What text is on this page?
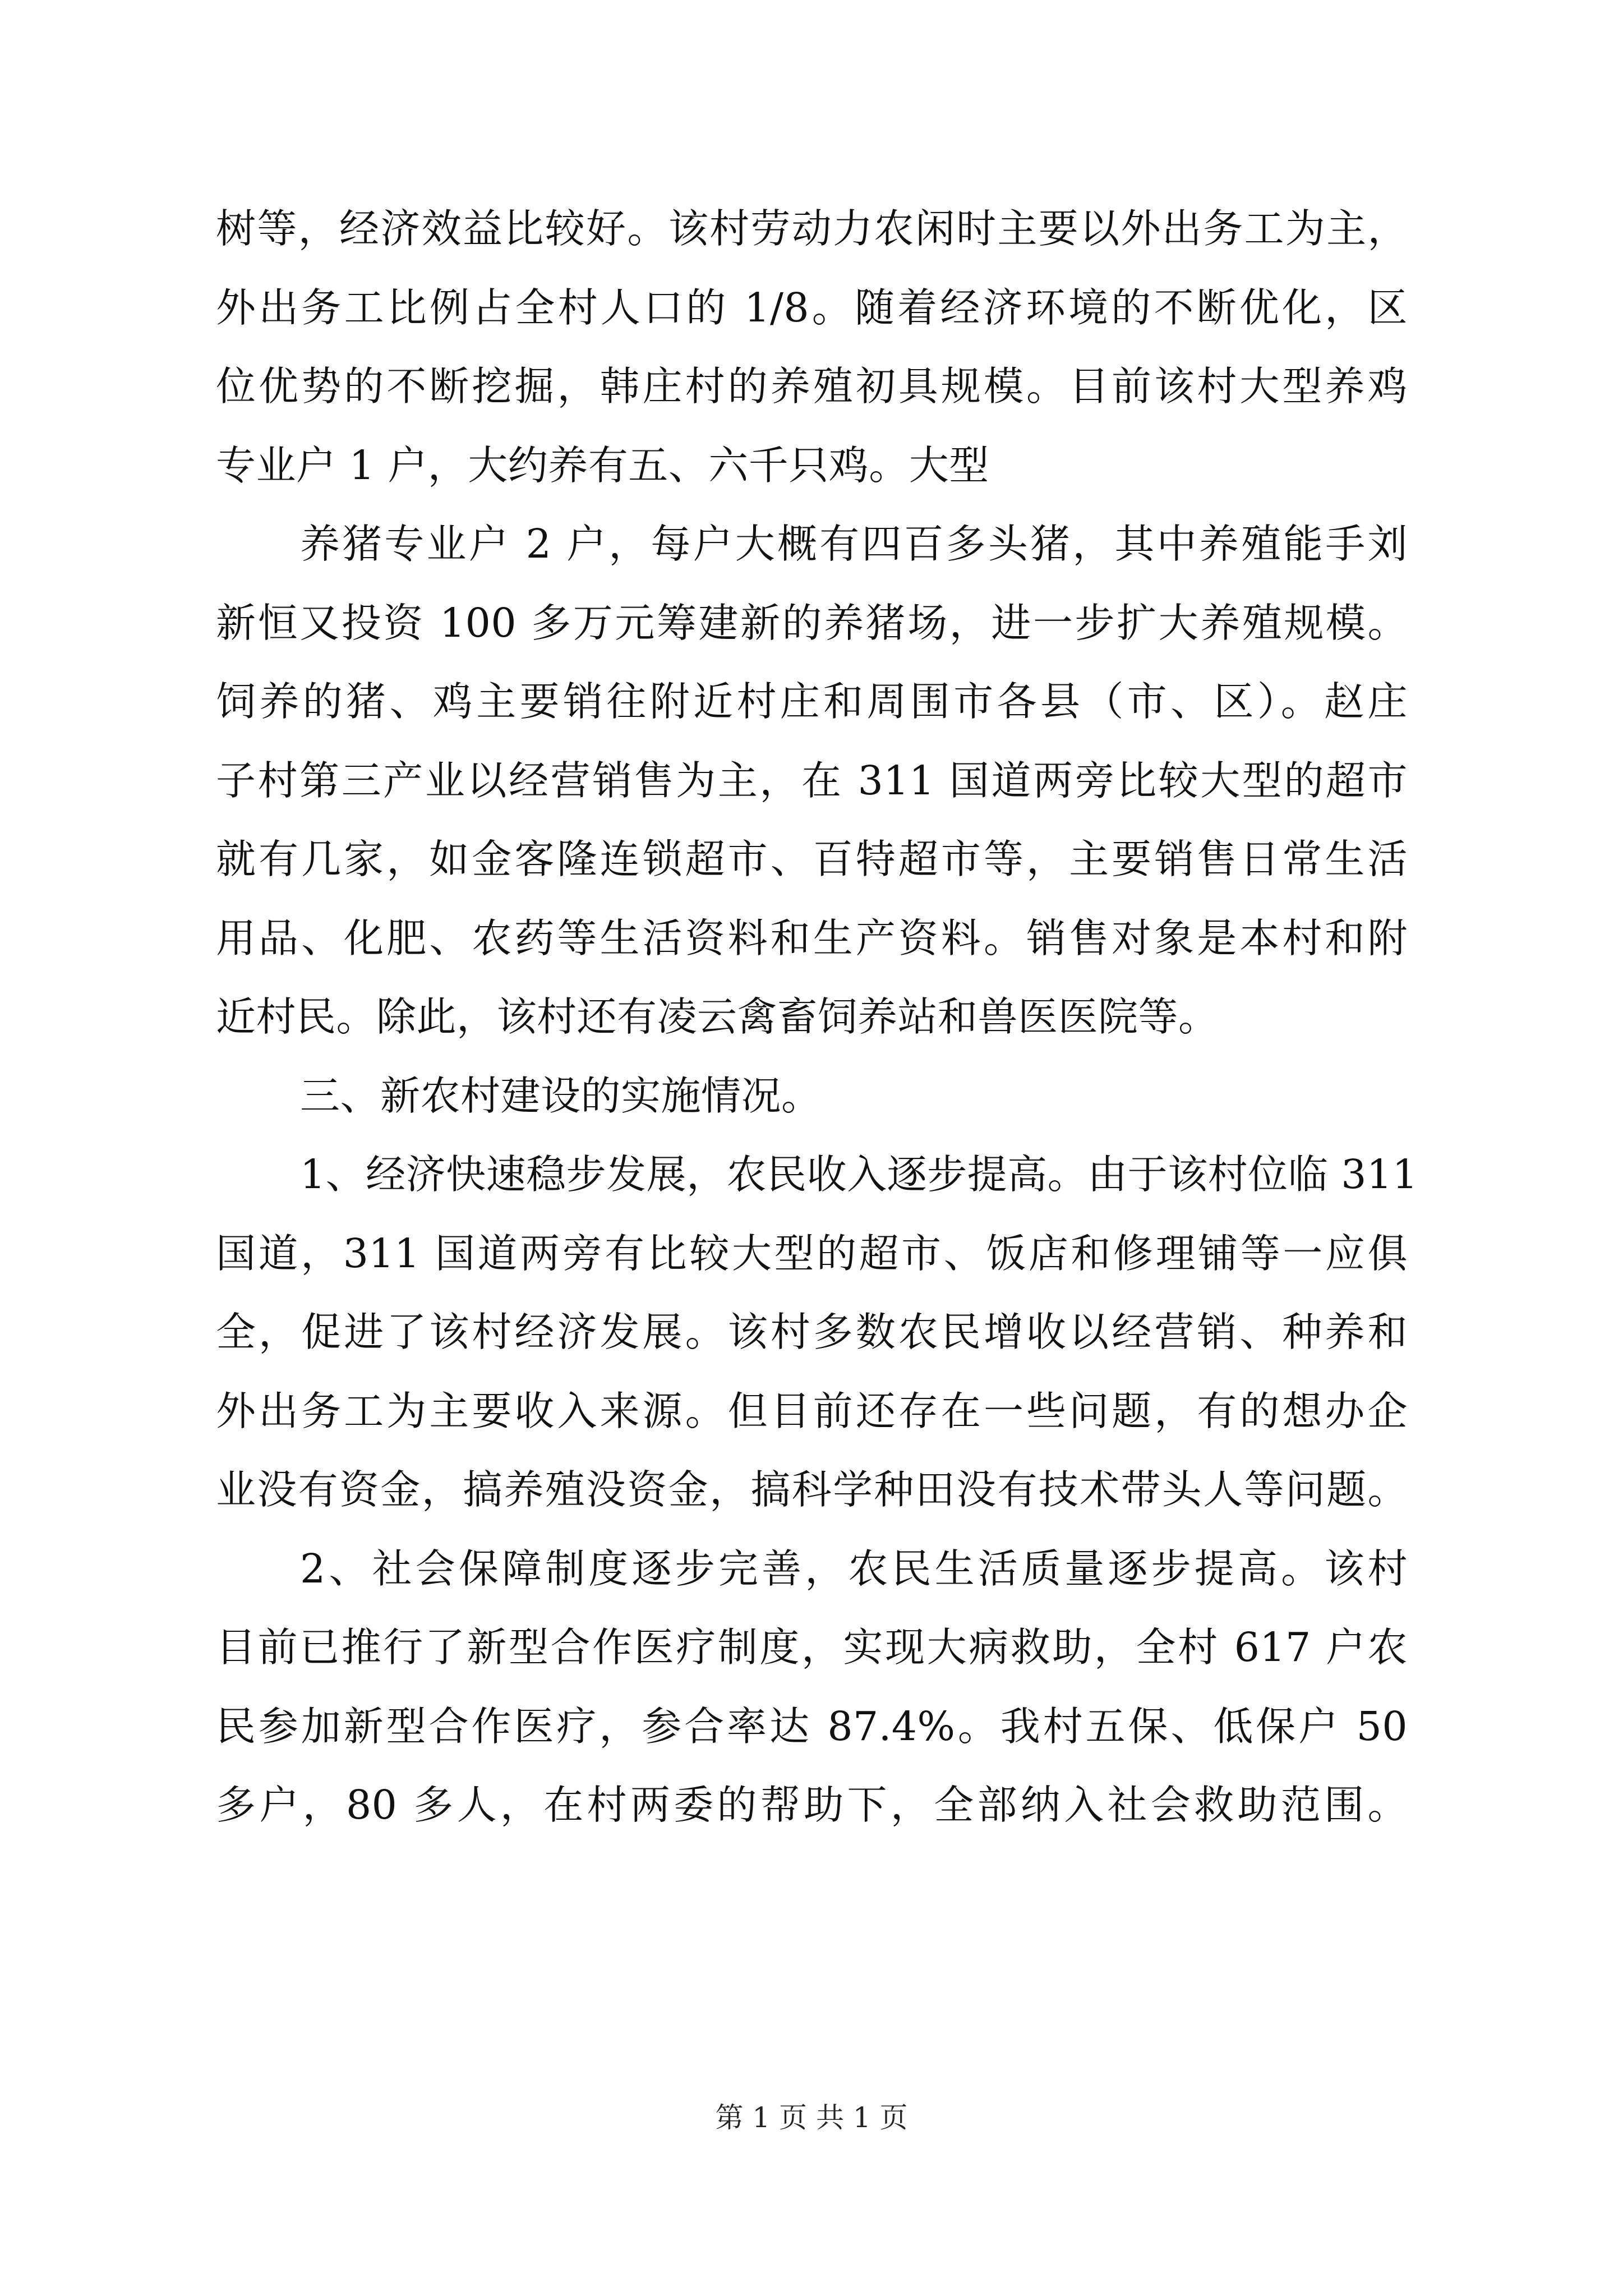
树等，经济效益比较好。该村劳动力农闲时主要以外出务工为主，
外出务工比例占全村人口的 1/8。随着经济环境的不断优化，区
位优势的不断挖掘，韩庄村的养殖初具规模。目前该村大型养鸡
专业户 1 户，大约养有五、六千只鸡。大型
养猪专业户 2 户，每户大概有四百多头猪，其中养殖能手刘
新恒又投资 100 多万元筹建新的养猪场，进一步扩大养殖规模。
饲养的猪、鸡主要销往附近村庄和周围市各县（市、区）。赵庄
子村第三产业以经营销售为主，在 311 国道两旁比较大型的超市
就有几家，如金客隆连锁超市、百特超市等，主要销售日常生活
用品、化肥、农药等生活资料和生产资料。销售对象是本村和附
近村民。除此，该村还有凌云禽畜饲养站和兽医医院等。
三、新农村建设的实施情况。
1、经济快速稳步发展，农民收入逐步提高。由于该村位临 311
国道，311 国道两旁有比较大型的超市、饭店和修理铺等一应俱
全，促进了该村经济发展。该村多数农民增收以经营销、种养和
外出务工为主要收入来源。但目前还存在一些问题，有的想办企
业没有资金，搞养殖没资金，搞科学种田没有技术带头人等问题。
2、社会保障制度逐步完善，农民生活质量逐步提高。该村
目前已推行了新型合作医疗制度，实现大病救助，全村 617 户农
民参加新型合作医疗，参合率达 87.4%。我村五保、低保户 50
多户，80 多人，在村两委的帮助下，全部纳入社会救助范围。
第 1 页 共 1 页
